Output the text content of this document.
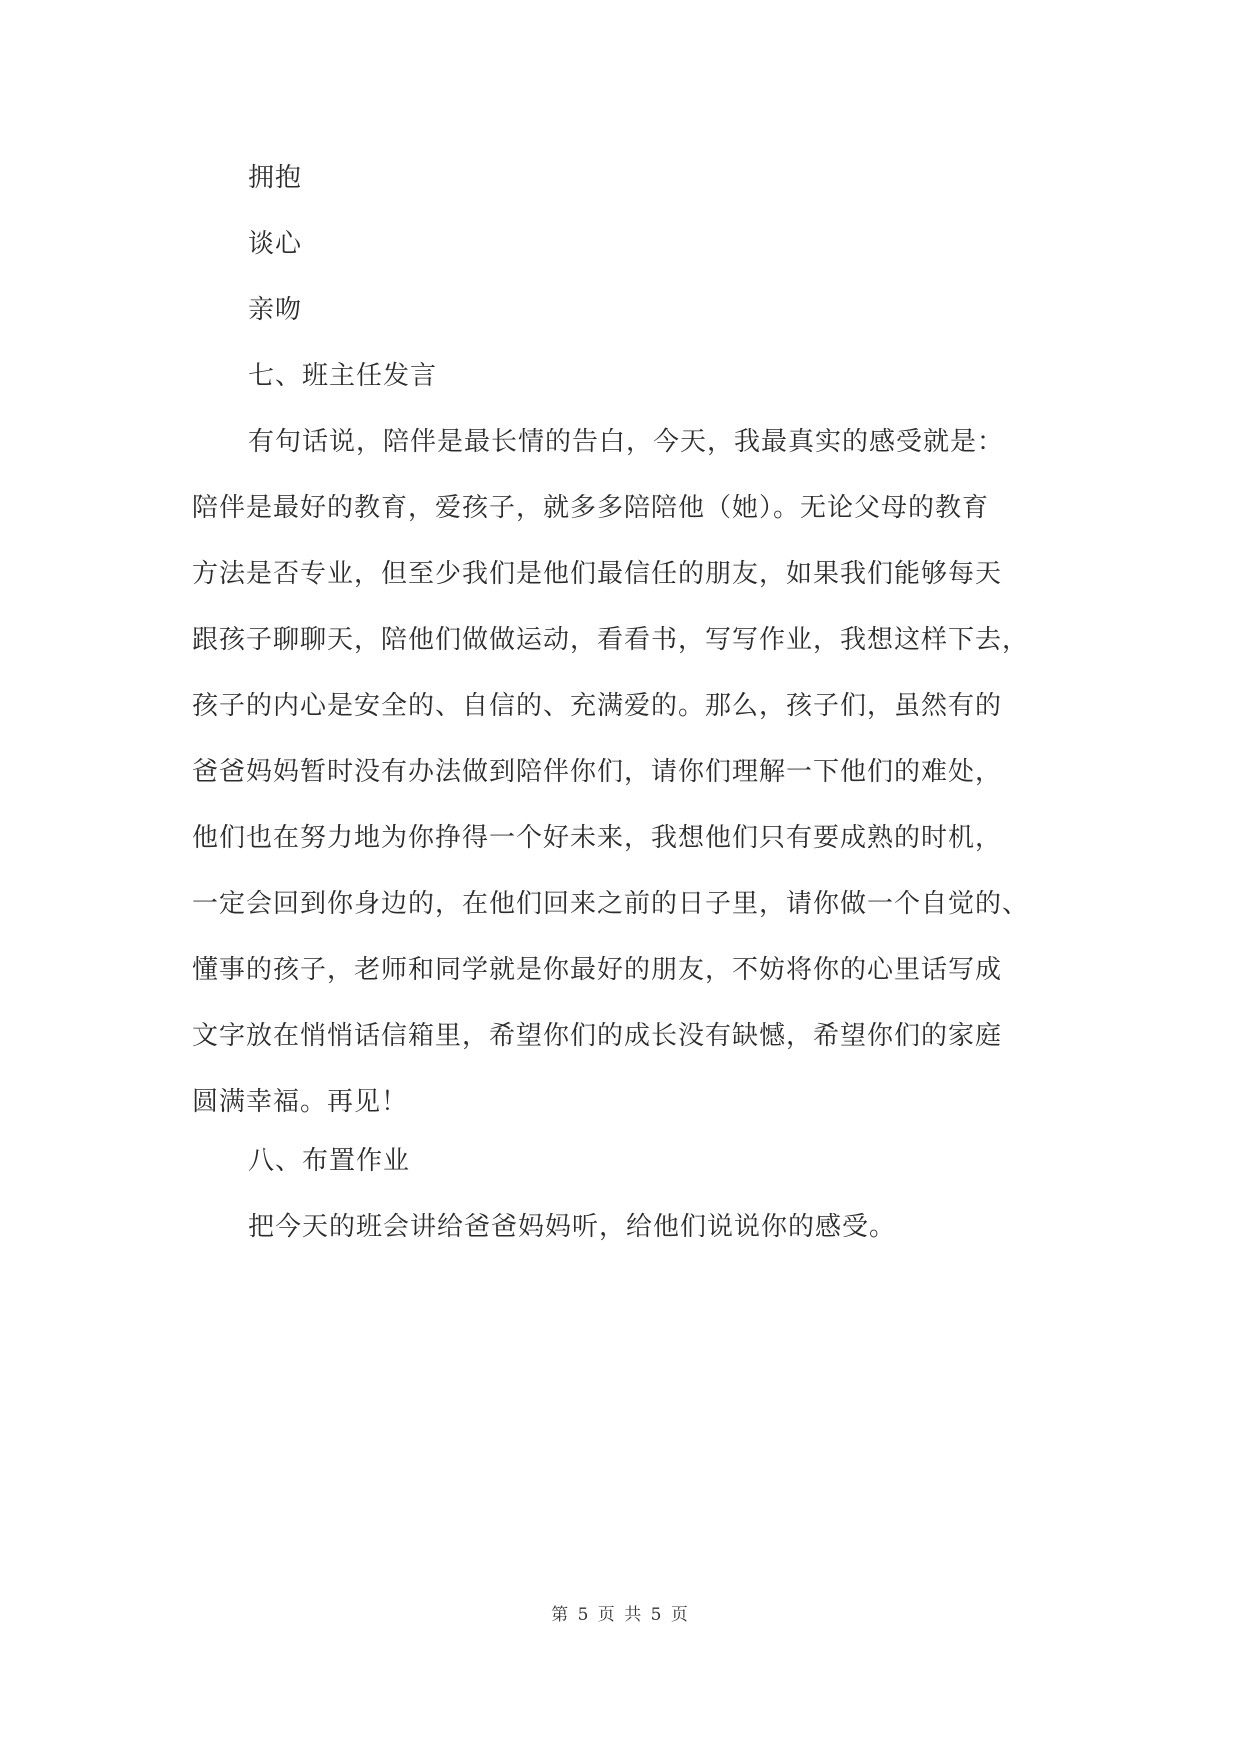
拥抱
谈心
亲吻
七、班主任发言
有句话说，陪伴是最长情的告白，今天，我最真实的感受就是：
陪伴是最好的教育，爱孩子，就多多陪陪他（她）。无论父母的教育
方法是否专业，但至少我们是他们最信任的朋友，如果我们能够每天
跟孩子聊聊天，陪他们做做运动，看看书，写写作业，我想这样下去，
孩子的内心是安全的、自信的、充满爱的。那么，孩子们，虽然有的
爸爸妈妈暂时没有办法做到陪伴你们，请你们理解一下他们的难处，
他们也在努力地为你挣得一个好未来，我想他们只有要成熟的时机，
一定会回到你身边的，在他们回来之前的日子里，请你做一个自觉的、
懂事的孩子，老师和同学就是你最好的朋友，不妨将你的心里话写成
文字放在悄悄话信箱里，希望你们的成长没有缺憾，希望你们的家庭
圆满幸福。再见！
八、布置作业
把今天的班会讲给爸爸妈妈听，给他们说说你的感受。
第 5 页 共 5 页
